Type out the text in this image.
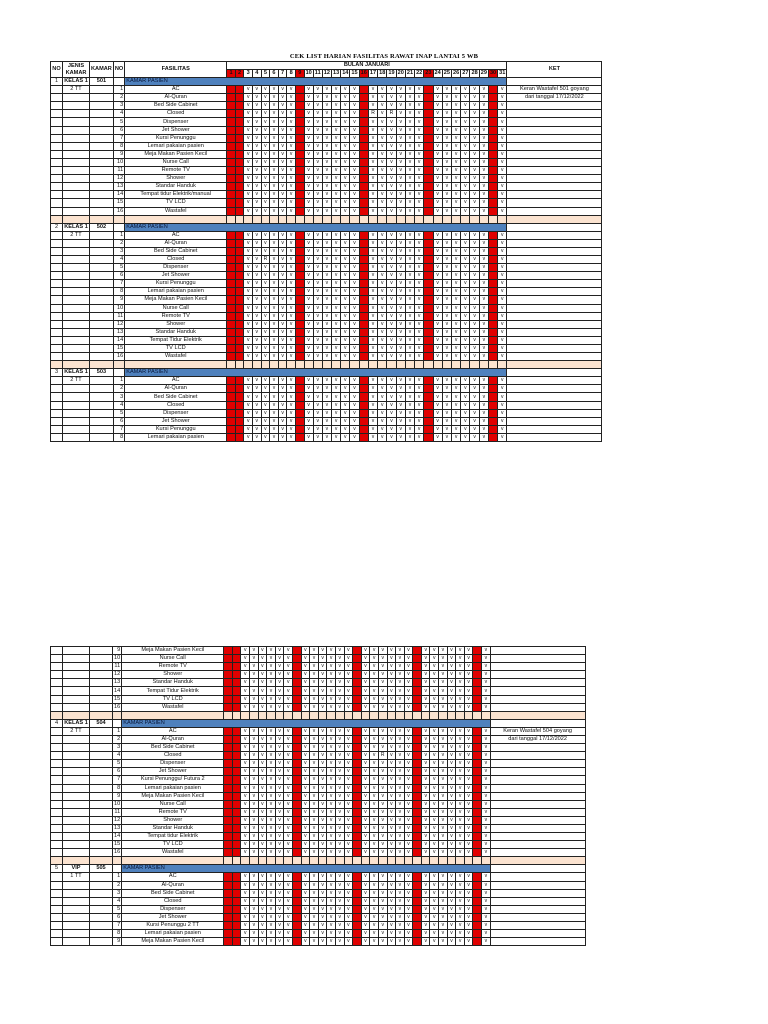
CEK LIST HARIAN FASILITAS RAWAT INAP LANTAI 5 WB
NO	JENIS KAMAR	KAMAR	NO	FASILITAS	BULAN JANUARI																															KET
					1	2	3	4	5	6	7	8	9	10	11	12	13	14	15	16	17	18	19	20	21	22	23	24	25	26	27	28	29	30	31	
1	KELAS 1	501		KAMAR PASIEN																																
	2 TT		1	AC			v	v	v	v	v	v		v	v	v	v	v	v		v	v	v	v	v	v		v	v	v	v	v	v		v	Keran Wastafel 501 goyang
			2	Al-Quran			v	v	v	v	v	v		v	v	v	v	v	v		v	v	v	v	v	v		v	v	v	v	v	v		v	dari tanggal 17/12/2022
			3	Bed Side Cabinet			v	v	v	v	v	v		v	v	v	v	v	v		v	v	v	v	v	v		v	v	v	v	v	v		v	
			4	Closed			v	v	v	v	v	v		v	v	v	v	v	v		R	v	R	v	v	v		v	v	v	v	v	v		v	
			5	Dispenser			v	v	v	v	v	v		v	v	v	v	v	v		v	v	v	v	v	v		v	v	v	v	v	v		v	
			6	Jet Shower			v	v	v	v	v	v		v	v	v	v	v	v		v	v	v	v	v	v		v	v	v	v	v	v		v	
			7	Kursi Penunggu			v	v	v	v	v	v		v	v	v	v	v	v		v	v	v	v	v	v		v	v	v	v	v	v		v	
			8	Lemari pakaian pasien			v	v	v	v	v	v		v	v	v	v	v	v		v	v	v	v	v	v		v	v	v	v	v	v		v	
			9	Meja Makan Pasien Kecil			v	v	v	v	v	v		v	v	v	v	v	v		v	v	v	v	v	v		v	v	v	v	v	v		v	
			10	Nurse Call			v	v	v	v	v	v		v	v	v	v	v	v		v	v	v	v	v	v		v	v	v	v	v	v		v	
			11	Remote TV			v	v	v	v	v	v		v	v	v	v	v	v		v	v	v	v	v	v		v	v	v	v	v	v		v	
			12	Shower			v	v	v	v	v	v		v	v	v	v	v	v		v	v	v	v	v	v		v	v	v	v	v	v		v	
			13	Standar Handuk			v	v	v	v	v	v		v	v	v	v	v	v		v	v	v	v	v	v		v	v	v	v	v	v		v	
			14	Tempat tidur Elektrik/manual			v	v	v	v	v	v		v	v	v	v	v	v		v	v	v	v	v	v		v	v	v	v	v	v		v	
			15	TV LCD			v	v	v	v	v	v		v	v	v	v	v	v		v	v	v	v	v	v		v	v	v	v	v	v		v	
			16	Wastafel			v	v	v	v	v	v		v	v	v	v	v	v		v	v	v	v	v	v		v	v	v	v	v	v		v	

2	KELAS 1	502		KAMAR PASIEN																																
	2 TT		1	AC			v	v	v	v	v	v		v	v	v	v	v	v		v	v	v	v	v	v		v	v	v	v	v	v		v	
			2	Al-Quran			v	v	v	v	v	v		v	v	v	v	v	v		v	v	v	v	v	v		v	v	v	v	v	v		v	
			3	Bed Side Cabinet			v	v	v	v	v	v		v	v	v	v	v	v		v	v	v	v	v	v		v	v	v	v	v	v		v	
			4	Closed			v	v	R	v	v	v		v	v	v	v	v	v		v	v	v	v	v	v		v	v	v	v	v	v		v	
			5	Dispenser			v	v	v	v	v	v		v	v	v	v	v	v		v	v	v	v	v	v		v	v	v	v	v	v		v	
			6	Jet Shower			v	v	v	v	v	v		v	v	v	v	v	v		v	v	v	v	v	v		v	v	v	v	v	v		v	
			7	Kursi Penunggu			v	v	v	v	v	v		v	v	v	v	v	v		v	v	v	v	v	v		v	v	v	v	v	v		v	
			8	Lemari pakaian pasien			v	v	v	v	v	v		v	v	v	v	v	v		v	v	v	v	v	v		v	v	v	v	v	v		v	
			9	Meja Makan Pasien Kecil			v	v	v	v	v	v		v	v	v	v	v	v		v	v	v	v	v	v		v	v	v	v	v	v		v	
			10	Nurse Call			v	v	v	v	v	v		v	v	v	v	v	v		v	v	v	v	v	v		v	v	v	v	v	v		v	
			11	Remote TV			v	v	v	v	v	v		v	v	v	v	v	v		v	v	v	v	v	v		v	v	v	v	v	v		v	
			12	Shower			v	v	v	v	v	v		v	v	v	v	v	v		v	v	v	v	v	v		v	v	v	v	v	v		v	
			13	Standar Handuk			v	v	v	v	v	v		v	v	v	v	v	v		v	v	v	v	v	v		v	v	v	v	v	v		v	
			14	Tempat Tidur Elektrik			v	v	v	v	v	v		v	v	v	v	v	v		v	v	v	v	v	v		v	v	v	v	v	v		v	
			15	TV LCD			v	v	v	v	v	v		v	v	v	v	v	v		v	v	v	v	v	v		v	v	v	v	v	v		v	
			16	Wastafel			v	v	v	v	v	v		v	v	v	v	v	v		v	v	v	v	v	v		v	v	v	v	v	v		v	

3	KELAS 1	503		KAMAR PASIEN																																
	2 TT		1	AC			v	v	v	v	v	v		v	v	v	v	v	v		v	v	v	v	v	v		v	v	v	v	v	v		v	
			2	Al-Quran			v	v	v	v	v	v		v	v	v	v	v	v		v	v	v	v	v	v		v	v	v	v	v	v		v	
			3	Bed Side Cabinet			v	v	v	v	v	v		v	v	v	v	v	v		v	v	v	v	v	v		v	v	v	v	v	v		v	
			4	Closed			v	v	v	v	v	v		v	v	v	v	v	v		v	v	v	v	v	v		v	v	v	v	v	v		v	
			5	Dispenser			v	v	v	v	v	v		v	v	v	v	v	v		v	v	v	v	v	v		v	v	v	v	v	v		v	
			6	Jet Shower			v	v	v	v	v	v		v	v	v	v	v	v		v	v	v	v	v	v		v	v	v	v	v	v		v	
			7	Kursi Penunggu			v	v	v	v	v	v		v	v	v	v	v	v		v	v	v	v	v	v		v	v	v	v	v	v		v	
			8	Lemari pakaian pasien			v	v	v	v	v	v		v	v	v	v	v	v		v	v	v	v	v	v		v	v	v	v	v	v		v	
			9	Meja Makan Pasien Kecil			v	v	v	v	v	v		v	v	v	v	v	v		v	v	v	v	v	v		v	v	v	v	v	v		v	
			10	Nurse Call			v	v	v	v	v	v		v	v	v	v	v	v		v	v	v	v	v	v		v	v	v	v	v	v		v	
			11	Remote TV			v	v	v	v	v	v		v	v	v	v	v	v		v	v	v	v	v	v		v	v	v	v	v	v		v	
			12	Shower			v	v	v	v	v	v		v	v	v	v	v	v		v	v	v	v	v	v		v	v	v	v	v	v		v	
			13	Standar Handuk			v	v	v	v	v	v		v	v	v	v	v	v		v	v	v	v	v	v		v	v	v	v	v	v		v	
			14	Tempat Tidur Elektrik			v	v	v	v	v	v		v	v	v	v	v	v		v	v	v	v	v	v		v	v	v	v	v	v		v	
			15	TV LCD			v	v	v	v	v	v		v	v	v	v	v	v		v	v	v	v	v	v		v	v	v	v	v	v		v	
			16	Wastafel			v	v	v	v	v	v		v	v	v	v	v	v		v	v	v	v	v	v		v	v	v	v	v	v		v	

4	KELAS 1	504		KAMAR PASIEN																																
	2 TT		1	AC			v	v	v	v	v	v		v	v	v	v	v	v		v	v	v	v	v	v		v	v	v	v	v	v		v	Keran Wastafel 504 goyang
			2	Al-Quran			v	v	v	v	v	v		v	v	v	v	v	v		v	v	v	v	v	v		v	v	v	v	v	v		v	dari tanggal 17/12/2022
			3	Bed Side Cabinet			v	v	v	v	v	v		v	v	v	v	v	v		v	v	v	v	v	v		v	v	v	v	v	v		v	
			4	Closed			v	v	v	v	v	v		v	v	v	v	v	v		v	v	R	v	v	v		v	v	v	v	v	v		v	
			5	Dispenser			v	v	v	v	v	v		v	v	v	v	v	v		v	v	v	v	v	v		v	v	v	v	v	v		v	
			6	Jet Shower			v	v	v	v	v	v		v	v	v	v	v	v		v	v	v	v	v	v		v	v	v	v	v	v		v	
			7	Kursi Penunggu/ Futura 2			v	v	v	v	v	v		v	v	v	v	v	v		v	v	v	v	v	v		v	v	v	v	v	v		v	
			8	Lemari pakaian pasien			v	v	v	v	v	v		v	v	v	v	v	v		v	v	v	v	v	v		v	v	v	v	v	v		v	
			9	Meja Makan Pasien Kecil			v	v	v	v	v	v		v	v	v	v	v	v		v	v	v	v	v	v		v	v	v	v	v	v		v	
			10	Nurse Call			v	v	v	v	v	v		v	v	v	v	v	v		v	v	v	v	v	v		v	v	v	v	v	v		v	
			11	Remote TV			v	v	v	v	v	v		v	v	v	v	v	v		v	v	v	v	v	v		v	v	v	v	v	v		v	
			12	Shower			v	v	v	v	v	v		v	v	v	v	v	v		v	v	v	v	v	v		v	v	v	v	v	v		v	
			13	Standar Handuk			v	v	v	v	v	v		v	v	v	v	v	v		v	v	v	v	v	v		v	v	v	v	v	v		v	
			14	Tempat tidur Elektrik			v	v	v	v	v	v		v	v	v	v	v	v		v	v	v	v	v	v		v	v	v	v	v	v		v	
			15	TV LCD			v	v	v	v	v	v		v	v	v	v	v	v		v	v	v	v	v	v		v	v	v	v	v	v		v	
			16	Wastafel			v	v	v	v	v	v		v	v	v	v	v	v		v	v	v	v	v	v		v	v	v	v	v	v		v	

5	VIP	505		KAMAR PASIEN																																
	1 TT		1	AC			v	v	v	v	v	v		v	v	v	v	v	v		v	v	v	v	v	v		v	v	v	v	v	v		v	
			2	Al-Quran			v	v	v	v	v	v		v	v	v	v	v	v		v	v	v	v	v	v		v	v	v	v	v	v		v	
			3	Bed Side Cabinet			v	v	v	v	v	v		v	v	v	v	v	v		v	v	v	v	v	v		v	v	v	v	v	v		v	
			4	Closed			v	v	v	v	v	v		v	v	v	v	v	v		v	v	v	v	v	v		v	v	v	v	v	v		v	
			5	Dispenser			v	v	v	v	v	v		v	v	v	v	v	v		v	v	v	v	v	v		v	v	v	v	v	v		v	
			6	Jet Shower			v	v	v	v	v	v		v	v	v	v	v	v		v	v	v	v	v	v		v	v	v	v	v	v		v	
			7	Kursi Penunggu 2 TT			v	v	v	v	v	v		v	v	v	v	v	v		v	v	v	v	v	v		v	v	v	v	v	v		v	
			8	Lemari pakaian pasien			v	v	v	v	v	v		v	v	v	v	v	v		v	v	v	v	v	v		v	v	v	v	v	v		v	
			9	Meja Makan Pasien Kecil			v	v	v	v	v	v		v	v	v	v	v	v		v	v	v	v	v	v		v	v	v	v	v	v		v	
